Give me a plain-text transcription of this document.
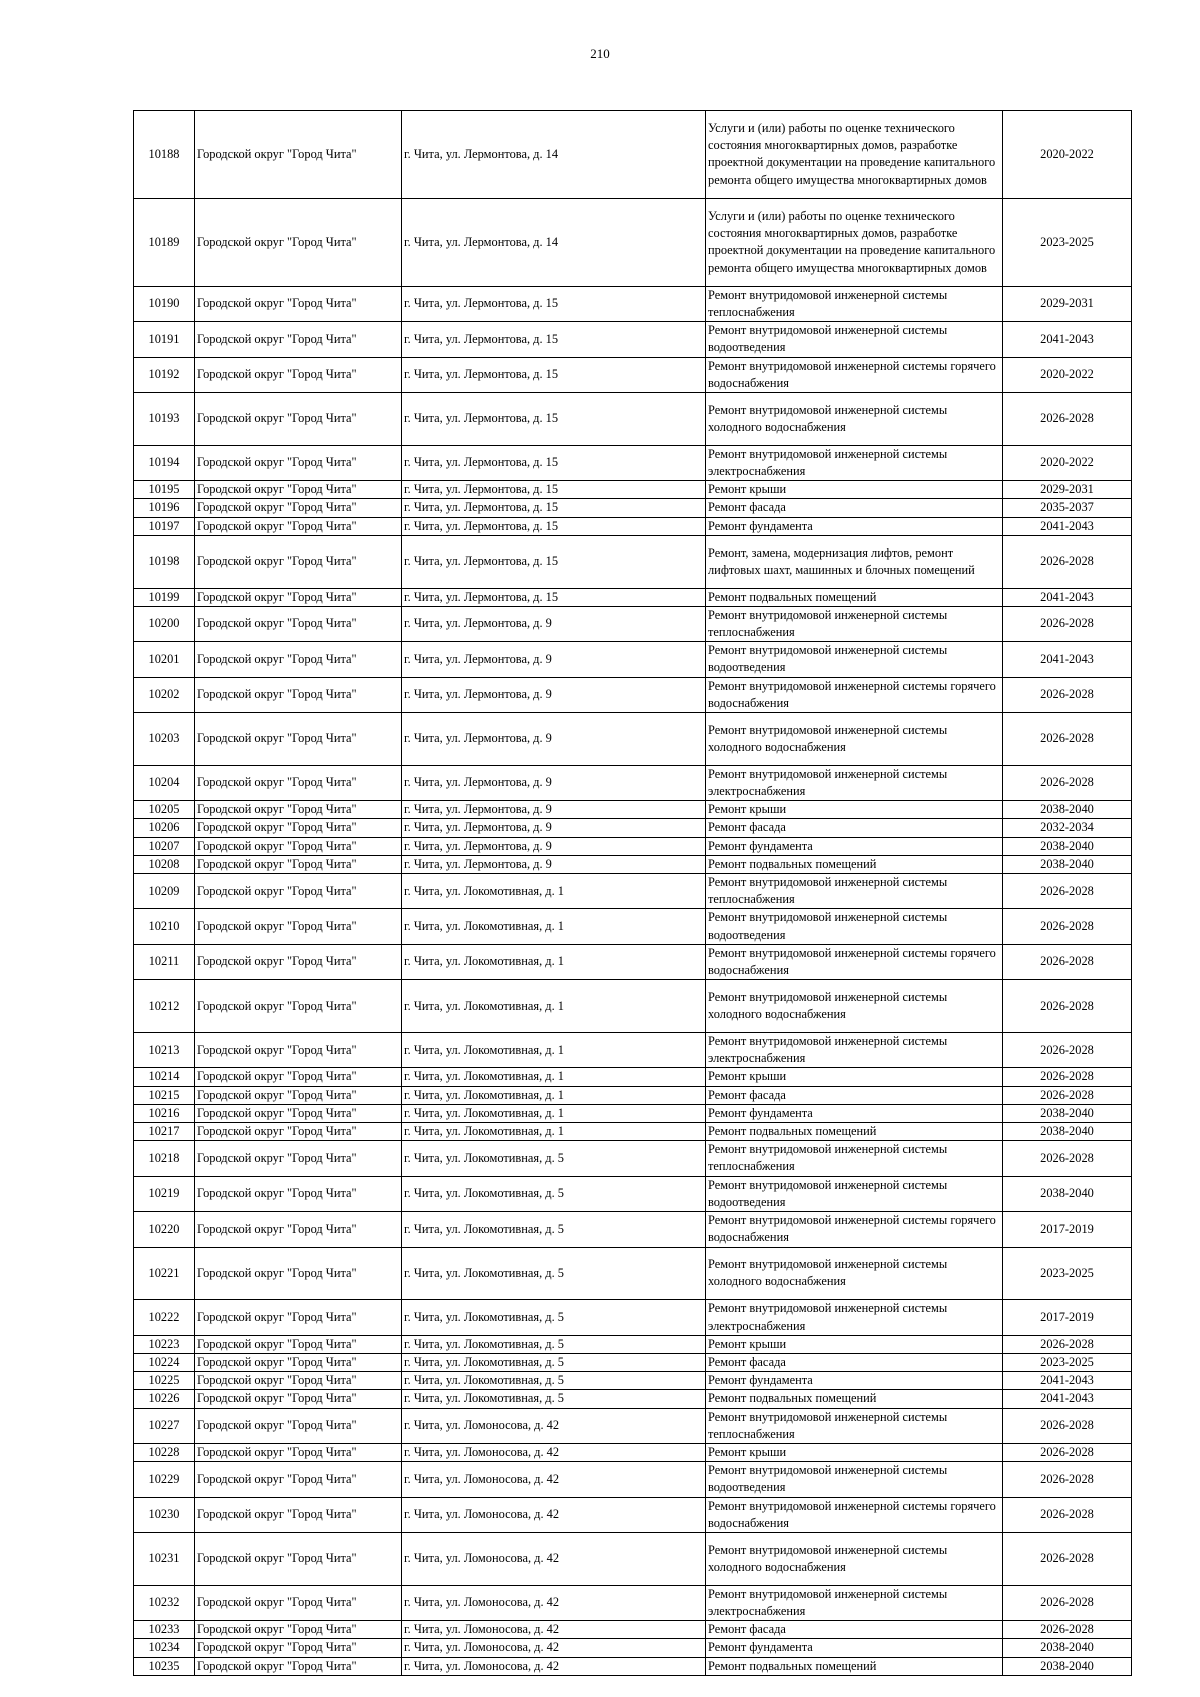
210
10188	Городской округ "Город Чита"	г. Чита, ул. Лермонтова, д. 14	Услуги и (или) работы по оценке технического состояния многоквартирных домов, разработке проектной документации на проведение капитального ремонта общего имущества многоквартирных домов	2020-2022
10189	Городской округ "Город Чита"	г. Чита, ул. Лермонтова, д. 14	Услуги и (или) работы по оценке технического состояния многоквартирных домов, разработке проектной документации на проведение капитального ремонта общего имущества многоквартирных домов	2023-2025
10190	Городской округ "Город Чита"	г. Чита, ул. Лермонтова, д. 15	Ремонт внутридомовой инженерной системы теплоснабжения	2029-2031
10191	Городской округ "Город Чита"	г. Чита, ул. Лермонтова, д. 15	Ремонт внутридомовой инженерной системы водоотведения	2041-2043
10192	Городской округ "Город Чита"	г. Чита, ул. Лермонтова, д. 15	Ремонт внутридомовой инженерной системы горячего водоснабжения	2020-2022
10193	Городской округ "Город Чита"	г. Чита, ул. Лермонтова, д. 15	Ремонт внутридомовой инженерной системы холодного водоснабжения	2026-2028
10194	Городской округ "Город Чита"	г. Чита, ул. Лермонтова, д. 15	Ремонт внутридомовой инженерной системы электроснабжения	2020-2022
10195	Городской округ "Город Чита"	г. Чита, ул. Лермонтова, д. 15	Ремонт крыши	2029-2031
10196	Городской округ "Город Чита"	г. Чита, ул. Лермонтова, д. 15	Ремонт фасада	2035-2037
10197	Городской округ "Город Чита"	г. Чита, ул. Лермонтова, д. 15	Ремонт фундамента	2041-2043
10198	Городской округ "Город Чита"	г. Чита, ул. Лермонтова, д. 15	Ремонт, замена, модернизация лифтов, ремонт лифтовых шахт, машинных и блочных помещений	2026-2028
10199	Городской округ "Город Чита"	г. Чита, ул. Лермонтова, д. 15	Ремонт подвальных помещений	2041-2043
10200	Городской округ "Город Чита"	г. Чита, ул. Лермонтова, д. 9	Ремонт внутридомовой инженерной системы теплоснабжения	2026-2028
10201	Городской округ "Город Чита"	г. Чита, ул. Лермонтова, д. 9	Ремонт внутридомовой инженерной системы водоотведения	2041-2043
10202	Городской округ "Город Чита"	г. Чита, ул. Лермонтова, д. 9	Ремонт внутридомовой инженерной системы горячего водоснабжения	2026-2028
10203	Городской округ "Город Чита"	г. Чита, ул. Лермонтова, д. 9	Ремонт внутридомовой инженерной системы холодного водоснабжения	2026-2028
10204	Городской округ "Город Чита"	г. Чита, ул. Лермонтова, д. 9	Ремонт внутридомовой инженерной системы электроснабжения	2026-2028
10205	Городской округ "Город Чита"	г. Чита, ул. Лермонтова, д. 9	Ремонт крыши	2038-2040
10206	Городской округ "Город Чита"	г. Чита, ул. Лермонтова, д. 9	Ремонт фасада	2032-2034
10207	Городской округ "Город Чита"	г. Чита, ул. Лермонтова, д. 9	Ремонт фундамента	2038-2040
10208	Городской округ "Город Чита"	г. Чита, ул. Лермонтова, д. 9	Ремонт подвальных помещений	2038-2040
10209	Городской округ "Город Чита"	г. Чита, ул. Локомотивная, д. 1	Ремонт внутридомовой инженерной системы теплоснабжения	2026-2028
10210	Городской округ "Город Чита"	г. Чита, ул. Локомотивная, д. 1	Ремонт внутридомовой инженерной системы водоотведения	2026-2028
10211	Городской округ "Город Чита"	г. Чита, ул. Локомотивная, д. 1	Ремонт внутридомовой инженерной системы горячего водоснабжения	2026-2028
10212	Городской округ "Город Чита"	г. Чита, ул. Локомотивная, д. 1	Ремонт внутридомовой инженерной системы холодного водоснабжения	2026-2028
10213	Городской округ "Город Чита"	г. Чита, ул. Локомотивная, д. 1	Ремонт внутридомовой инженерной системы электроснабжения	2026-2028
10214	Городской округ "Город Чита"	г. Чита, ул. Локомотивная, д. 1	Ремонт крыши	2026-2028
10215	Городской округ "Город Чита"	г. Чита, ул. Локомотивная, д. 1	Ремонт фасада	2026-2028
10216	Городской округ "Город Чита"	г. Чита, ул. Локомотивная, д. 1	Ремонт фундамента	2038-2040
10217	Городской округ "Город Чита"	г. Чита, ул. Локомотивная, д. 1	Ремонт подвальных помещений	2038-2040
10218	Городской округ "Город Чита"	г. Чита, ул. Локомотивная, д. 5	Ремонт внутридомовой инженерной системы теплоснабжения	2026-2028
10219	Городской округ "Город Чита"	г. Чита, ул. Локомотивная, д. 5	Ремонт внутридомовой инженерной системы водоотведения	2038-2040
10220	Городской округ "Город Чита"	г. Чита, ул. Локомотивная, д. 5	Ремонт внутридомовой инженерной системы горячего водоснабжения	2017-2019
10221	Городской округ "Город Чита"	г. Чита, ул. Локомотивная, д. 5	Ремонт внутридомовой инженерной системы холодного водоснабжения	2023-2025
10222	Городской округ "Город Чита"	г. Чита, ул. Локомотивная, д. 5	Ремонт внутридомовой инженерной системы электроснабжения	2017-2019
10223	Городской округ "Город Чита"	г. Чита, ул. Локомотивная, д. 5	Ремонт крыши	2026-2028
10224	Городской округ "Город Чита"	г. Чита, ул. Локомотивная, д. 5	Ремонт фасада	2023-2025
10225	Городской округ "Город Чита"	г. Чита, ул. Локомотивная, д. 5	Ремонт фундамента	2041-2043
10226	Городской округ "Город Чита"	г. Чита, ул. Локомотивная, д. 5	Ремонт подвальных помещений	2041-2043
10227	Городской округ "Город Чита"	г. Чита, ул. Ломоносова, д. 42	Ремонт внутридомовой инженерной системы теплоснабжения	2026-2028
10228	Городской округ "Город Чита"	г. Чита, ул. Ломоносова, д. 42	Ремонт крыши	2026-2028
10229	Городской округ "Город Чита"	г. Чита, ул. Ломоносова, д. 42	Ремонт внутридомовой инженерной системы водоотведения	2026-2028
10230	Городской округ "Город Чита"	г. Чита, ул. Ломоносова, д. 42	Ремонт внутридомовой инженерной системы горячего водоснабжения	2026-2028
10231	Городской округ "Город Чита"	г. Чита, ул. Ломоносова, д. 42	Ремонт внутридомовой инженерной системы холодного водоснабжения	2026-2028
10232	Городской округ "Город Чита"	г. Чита, ул. Ломоносова, д. 42	Ремонт внутридомовой инженерной системы электроснабжения	2026-2028
10233	Городской округ "Город Чита"	г. Чита, ул. Ломоносова, д. 42	Ремонт фасада	2026-2028
10234	Городской округ "Город Чита"	г. Чита, ул. Ломоносова, д. 42	Ремонт фундамента	2038-2040
10235	Городской округ "Город Чита"	г. Чита, ул. Ломоносова, д. 42	Ремонт подвальных помещений	2038-2040
